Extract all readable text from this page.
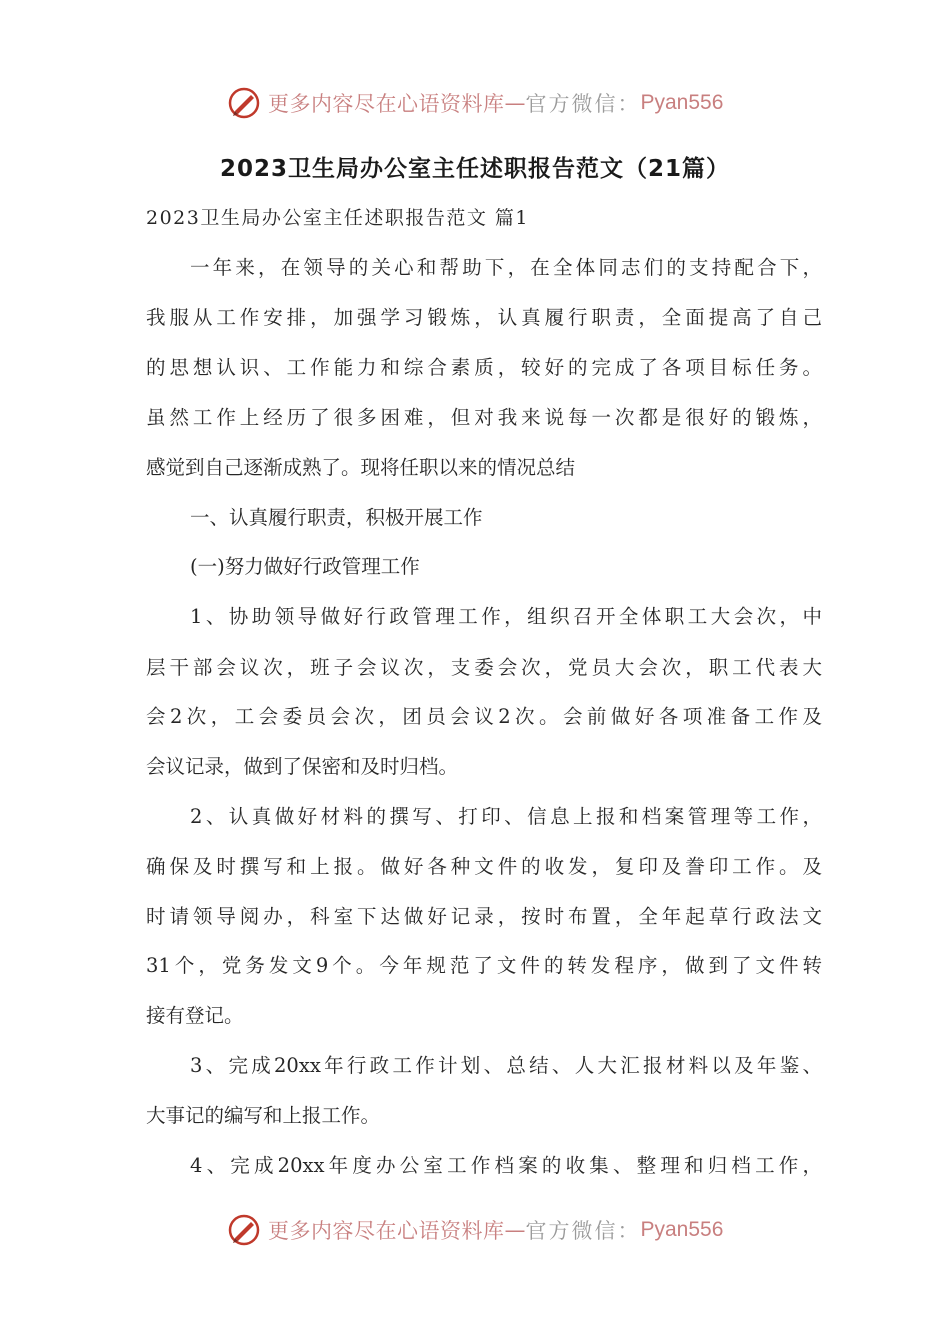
更多内容尽在心语资料库 — 官方微信： Pyan556
2023卫生局办公室主任述职报告范文（21篇）
2023卫生局办公室主任述职报告范文 篇1
一年来，在领导的关心和帮助下，在全体同志们的支持配合下，
我服从工作安排，加强学习锻炼，认真履行职责，全面提高了自己
的思想认识、工作能力和综合素质，较好的完成了各项目标任务。
虽然工作上经历了很多困难，但对我来说每一次都是很好的锻炼，
感觉到自己逐渐成熟了。现将任职以来的情况总结
一、认真履行职责，积极开展工作
(一)努力做好行政管理工作
1、协助领导做好行政管理工作，组织召开全体职工大会次，中
层干部会议次，班子会议次，支委会次，党员大会次，职工代表大
会2次，工会委员会次，团员会议2次。会前做好各项准备工作及
会议记录，做到了保密和及时归档。
2、认真做好材料的撰写、打印、信息上报和档案管理等工作，
确保及时撰写和上报。做好各种文件的收发，复印及誊印工作。及
时请领导阅办，科室下达做好记录，按时布置，全年起草行政法文
31个，党务发文9个。今年规范了文件的转发程序，做到了文件转
接有登记。
3、完成20xx年行政工作计划、总结、人大汇报材料以及年鉴、
大事记的编写和上报工作。
4、完成20xx年度办公室工作档案的收集、整理和归档工作，
更多内容尽在心语资料库 — 官方微信： Pyan556
